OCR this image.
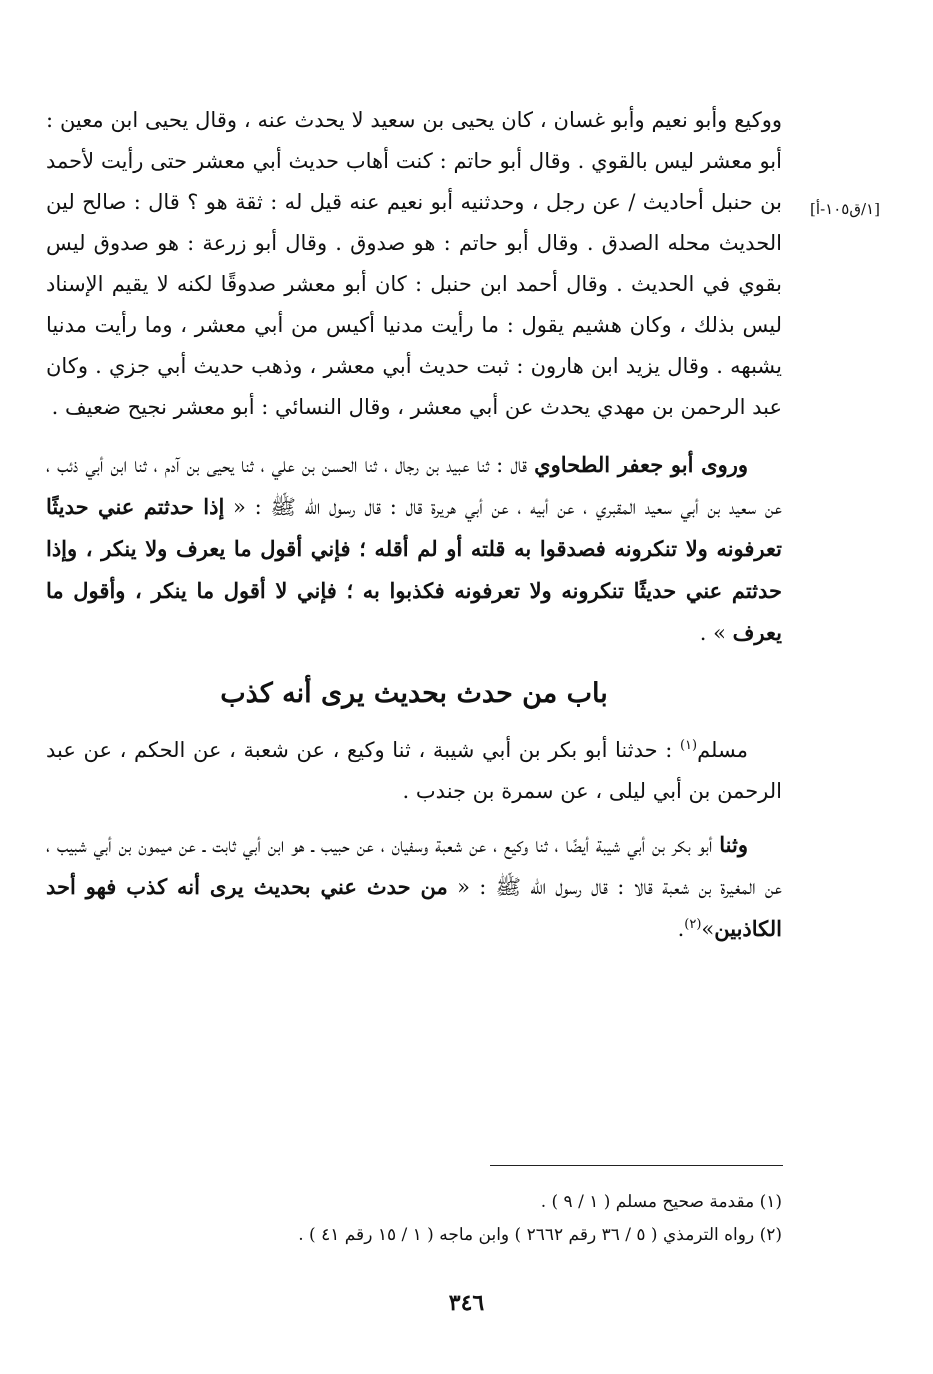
[١/ق١٠٥-أ]

ووكيع وأبو نعيم وأبو غسان ، كان يحيى بن سعيد لا يحدث عنه ، وقال يحيى ابن معين : أبو معشر ليس بالقوي . وقال أبو حاتم : كنت أهاب حديث أبي معشر حتى رأيت لأحمد بن حنبل أحاديث / عن رجل ، وحدثنيه أبو نعيم عنه قيل له : ثقة هو ؟ قال : صالح لين الحديث محله الصدق . وقال أبو حاتم : هو صدوق . وقال أبو زرعة : هو صدوق ليس بقوي في الحديث . وقال أحمد ابن حنبل : كان أبو معشر صدوقًا لكنه لا يقيم الإسناد ليس بذلك ، وكان هشيم يقول : ما رأيت مدنيا أكيس من أبي معشر ، وما رأيت مدنيا يشبهه . وقال يزيد ابن هارون : ثبت حديث أبي معشر ، وذهب حديث أبي جزي . وكان عبد الرحمن بن مهدي يحدث عن أبي معشر ، وقال النسائي : أبو معشر نجيح ضعيف .

وروى أبو جعفر الطحاوي قال : ثنا عبيد بن رجال ، ثنا الحسن بن علي ، ثنا يحيى بن آدم ، ثنا ابن أبي ذئب ، عن سعيد بن أبي سعيد المقبري ، عن أبيه ، عن أبي هريرة قال : قال رسول الله ﷺ : « إذا حدثتم عني حديثًا تعرفونه ولا تنكرونه فصدقوا به قلته أو لم أقله ؛ فإني أقول ما يعرف ولا ينكر ، وإذا حدثتم عني حديثًا تنكرونه ولا تعرفونه فكذبوا به ؛ فإني لا أقول ما ينكر ، وأقول ما يعرف » .

باب من حدث بحديث يرى أنه كذب

مسلم$^{(١)}$ : حدثنا أبو بكر بن أبي شيبة ، ثنا وكيع ، عن شعبة ، عن الحكم ، عن عبد الرحمن بن أبي ليلى ، عن سمرة بن جندب .

وثنا أبو بكر بن أبي شيبة أيضًا ، ثنا وكيع ، عن شعبة وسفيان ، عن حبيب ـ هو ابن أبي ثابت ـ عن ميمون بن أبي شبيب ، عن المغيرة بن شعبة قالا : قال رسول الله ﷺ : « من حدث عني بحديث يرى أنه كذب فهو أحد الكاذبين»$^{(٢)}$.

(١) مقدمة صحيح مسلم ( ١ / ٩ ) .

(٢) رواه الترمذي ( ٥ / ٣٦ رقم ٢٦٦٢ ) وابن ماجه ( ١ / ١٥ رقم ٤١ ) .

٣٤٦
